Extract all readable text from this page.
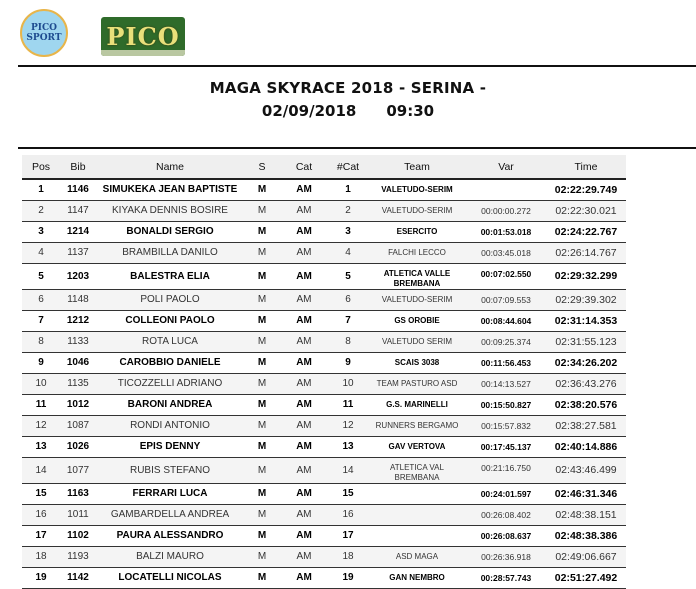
PICO
SPORT PICO
MAGA SKYRACE 2018 - SERINA -
02/09/2018 09:30
Pos	Bib	Name	S	Cat	#Cat	Team	Var	Time
1	1146	SIMUKEKA JEAN BAPTISTE	M	AM	1	VALETUDO-SERIM		02:22:29.749
2	1147	KIYAKA DENNIS BOSIRE	M	AM	2	VALETUDO-SERIM	00:00:00.272	02:22:30.021
3	1214	BONALDI SERGIO	M	AM	3	ESERCITO	00:01:53.018	02:24:22.767
4	1137	BRAMBILLA DANILO	M	AM	4	FALCHI LECCO	00:03:45.018	02:26:14.767
5	1203	BALESTRA ELIA	M	AM	5	ATLETICA VALLE BREMBANA	00:07:02.550	02:29:32.299
6	1148	POLI PAOLO	M	AM	6	VALETUDO-SERIM	00:07:09.553	02:29:39.302
7	1212	COLLEONI PAOLO	M	AM	7	GS OROBIE	00:08:44.604	02:31:14.353
8	1133	ROTA LUCA	M	AM	8	VALETUDO SERIM	00:09:25.374	02:31:55.123
9	1046	CAROBBIO DANIELE	M	AM	9	SCAIS 3038	00:11:56.453	02:34:26.202
10	1135	TICOZZELLI ADRIANO	M	AM	10	TEAM PASTURO ASD	00:14:13.527	02:36:43.276
11	1012	BARONI ANDREA	M	AM	11	G.S. MARINELLI	00:15:50.827	02:38:20.576
12	1087	RONDI ANTONIO	M	AM	12	RUNNERS BERGAMO	00:15:57.832	02:38:27.581
13	1026	EPIS DENNY	M	AM	13	GAV VERTOVA	00:17:45.137	02:40:14.886
14	1077	RUBIS STEFANO	M	AM	14	ATLETICA VAL BREMBANA	00:21:16.750	02:43:46.499
15	1163	FERRARI LUCA	M	AM	15		00:24:01.597	02:46:31.346
16	1011	GAMBARDELLA ANDREA	M	AM	16		00:26:08.402	02:48:38.151
17	1102	PAURA ALESSANDRO	M	AM	17		00:26:08.637	02:48:38.386
18	1193	BALZI MAURO	M	AM	18	ASD MAGA	00:26:36.918	02:49:06.667
19	1142	LOCATELLI NICOLAS	M	AM	19	GAN NEMBRO	00:28:57.743	02:51:27.492
